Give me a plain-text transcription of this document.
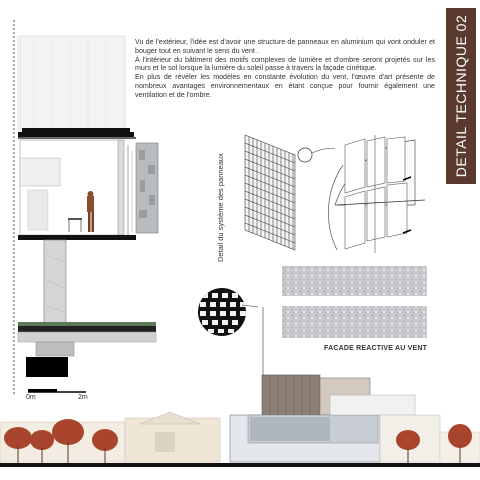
DETAIL TECHNIQUE 02
Vu de l'extérieur, l'idée est d'avoir une structure de panneaux en aluminium qui vont onduler et bouger tout en suivant le sens du vent .
À l'intérieur du bâtiment des motifs complexes de lumière et d'ombre seront projetés sur les murs et le sol lorsque la lumière du soleil passe à travers la façade cinétique.
En plus de révéler les modèles en constante évolution du vent, l'œuvre d'art présente de nombreux avantages environnementaux en étant conçue pour fournir également une ventilation et de l'ombre.
0m	2m
Detail du système des panneaux
FACADE REACTIVE AU VENT
